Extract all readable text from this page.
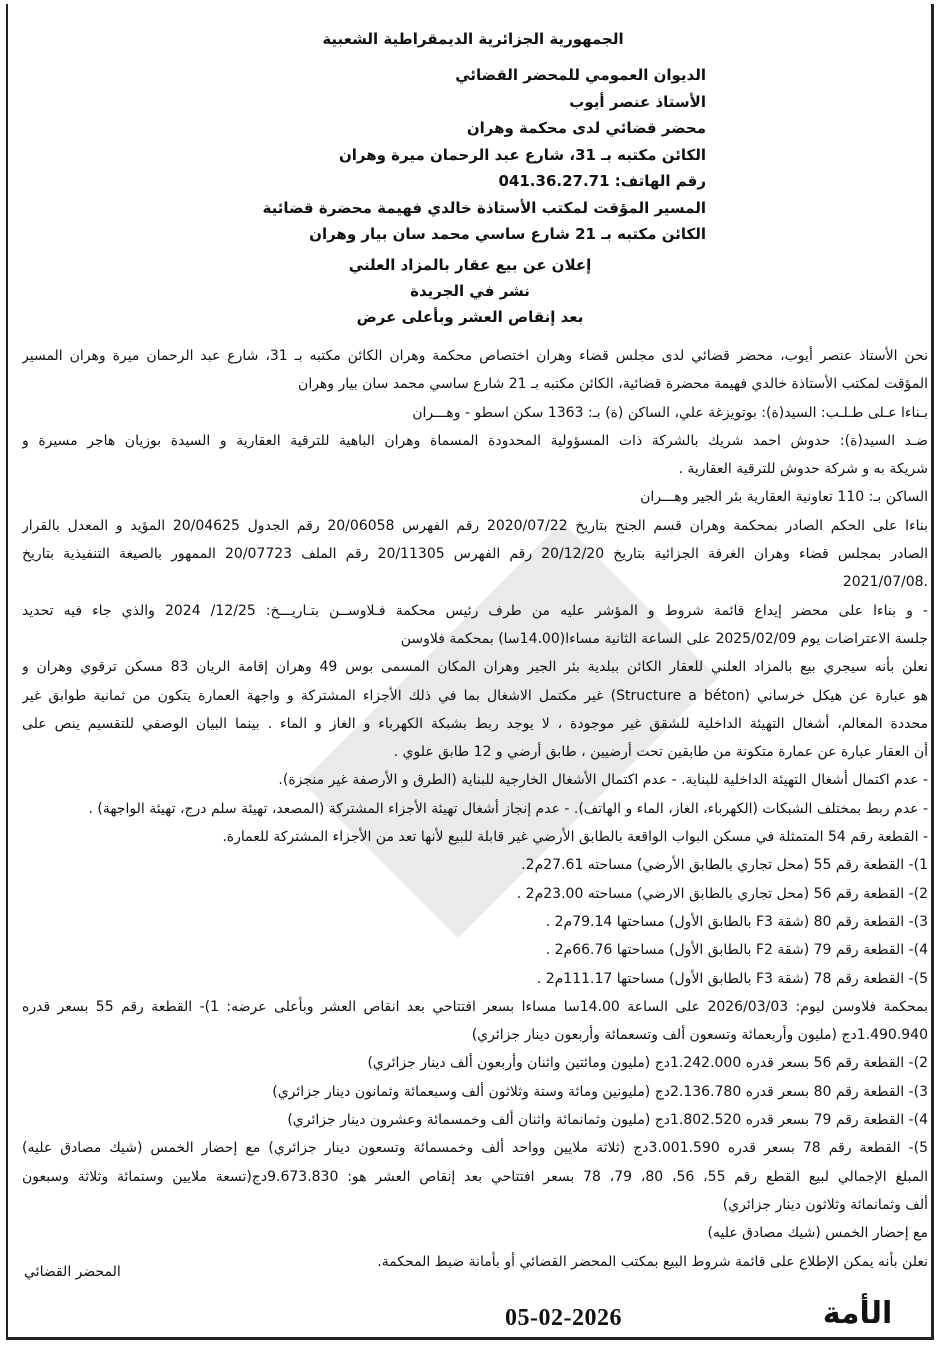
الجمهورية الجزائرية الديمقراطية الشعبية
الديوان العمومي للمحضر القضائي
الأستاذ عنصر أيوب
محضر قضائي لدى محكمة وهران
الكائن مكتبه بـ 31، شارع عبد الرحمان ميرة وهران
رقم الهاتف: 041.36.27.71
المسير المؤقت لمكتب الأستاذة خالدي فهيمة محضرة قضائية
الكائن مكتبه بـ 21 شارع ساسي محمد سان بيار وهران
إعلان عن بيع عقار بالمزاد العلني
نشر في الجريدة
بعد إنقاص العشر وبأعلى عرض
نحن الأستاذ عنصر أيوب، محضر قضائي لدى مجلس قضاء وهران اختصاص محكمة وهران الكائن مكتبه بـ 31، شارع عبد الرحمان ميرة وهران المسير
المؤقت لمكتب الأستاذة خالدي فهيمة محضرة قضائية، الكائن مكتبه بـ 21 شارع ساسي محمد سان بيار وهران
بـناءا عـلى طـلـب: السيد(ة): بوتويزغة علي، الساكن (ة) بـ: 1363 سكن اسطو - وهـــران
ضـد السيد(ة): حدوش احمد شريك بالشركة ذات المسؤولية المحدودة المسماة وهران الباهية للترقية العقارية و السيدة بوزيان هاجر مسيرة و
شريكة به و شركة حدوش للترقية العقارية .
الساكن بـ: 110 تعاونية العقارية بئر الجير وهـــران
بناءا على الحكم الصادر بمحكمة وهران قسم الجنح بتاريخ 2020/07/22 رقم الفهرس 20/06058 رقم الجدول 20/04625 المؤيد و المعدل بالقرار
الصادر بمجلس قضاء وهران الغرفة الجزائية بتاريخ 20/12/20 رقم الفهرس 20/11305 رقم الملف 20/07723 الممهور بالصيغة التنفيذية بتاريخ
.2021/07/08
- و بناءا على محضر إيداع قائمة شروط و المؤشر عليه من طرف رئيس محكمة فـلاوســن بتـاريـــخ: 12/25/ 2024 والذي جاء فيه تحديد
جلسة الاعتراضات يوم 2025/02/09 على الساعة الثانية مساءا(14.00سا) بمحكمة فلاوسن
نعلن بأنه سيجري بيع بالمزاد العلني للعقار الكائن ببلدية بئر الجير وهران المكان المسمى بوس 49 وهران إقامة الريان 83 مسكن ترقوي وهران و
هو عبارة عن هيكل خرساني (Structure a béton) غير مكتمل الاشغال بما في ذلك الأجزاء المشتركة و واجهة العمارة يتكون من ثمانية طوابق غير
محددة المعالم، أشغال التهيئة الداخلية للشقق غير موجودة ، لا يوجد ربط بشبكة الكهرباء و الغاز و الماء . بينما البيان الوصفي للتقسيم ينص على
أن العقار عبارة عن عمارة متكونة من طابقين تحت أرضيين ، طابق أرضي و 12 طابق علوي .
- عدم اكتمال أشغال التهيئة الداخلية للبناية. - عدم اكتمال الأشغال الخارجية للبناية (الطرق و الأرصفة غير منجزة).
- عدم ربط بمختلف الشبكات (الكهرباء، الغاز، الماء و الهاتف). - عدم إنجاز أشغال تهيئة الأجزاء المشتركة (المصعد، تهيئة سلم درج، تهيئة الواجهة) .
- القطعة رقم 54 المتمثلة في مسكن البواب الواقعة بالطابق الأرضي غير قابلة للبيع لأنها تعد من الأجزاء المشتركة للعمارة.
1)- القطعة رقم 55 (محل تجاري بالطابق الأرضي) مساحته 27.61م2.
2)- القطعة رقم 56 (محل تجاري بالطابق الارضي) مساحته 23.00م2 .
3)- القطعة رقم 80 (شقة F3 بالطابق الأول) مساحتها 79.14م2 .
4)- القطعة رقم 79 (شقة F2 بالطابق الأول) مساحتها 66.76م2 .
5)- القطعة رقم 78 (شقة F3 بالطابق الأول) مساحتها 111.17م2 .
بمحكمة فلاوسن ليوم: 2026/03/03 على الساعة 14.00سا مساءا بسعر افتتاحي بعد انقاص العشر وبأعلى عرضه: 1)- القطعة رقم 55 بسعر قدره
1.490.940دج (مليون وأربعمائة وتسعون ألف وتسعمائة وأربعون دينار جزائري)
2)- القطعة رقم 56 بسعر قدره 1.242.000دج (مليون ومائتين واثنان وأربعون ألف دينار جزائري)
3)- القطعة رقم 80 بسعر قدره 2.136.780دج (مليونين ومائة وستة وثلاثون ألف وسبعمائة وثمانون دينار جزائري)
4)- القطعة رقم 79 بسعر قدره 1.802.520دج (مليون وثمانمائة واثنان ألف وخمسمائة وعشرون دينار جزائري)
5)- القطعة رقم 78 بسعر قدره 3.001.590دج (ثلاثة ملايين وواحد ألف وخمسمائة وتسعون دينار جزائري) مع إحضار الخمس (شيك مصادق عليه)
المبلغ الإجمالي لبيع القطع رقم 55، 56، 80، 79، 78 بسعر افتتاحي بعد إنقاص العشر هو: 9.673.830دج(تسعة ملايين وستمائة وثلاثة وسبعون
ألف وثمانمائة وثلاثون دينار جزائري)
مع إحضار الخمس (شيك مصادق عليه)
نعلن بأنه يمكن الإطلاع على قائمة شروط البيع بمكتب المحضر القضائي أو بأمانة ضبط المحكمة.
المحضر القضائي
05-02-2026	الأمة
